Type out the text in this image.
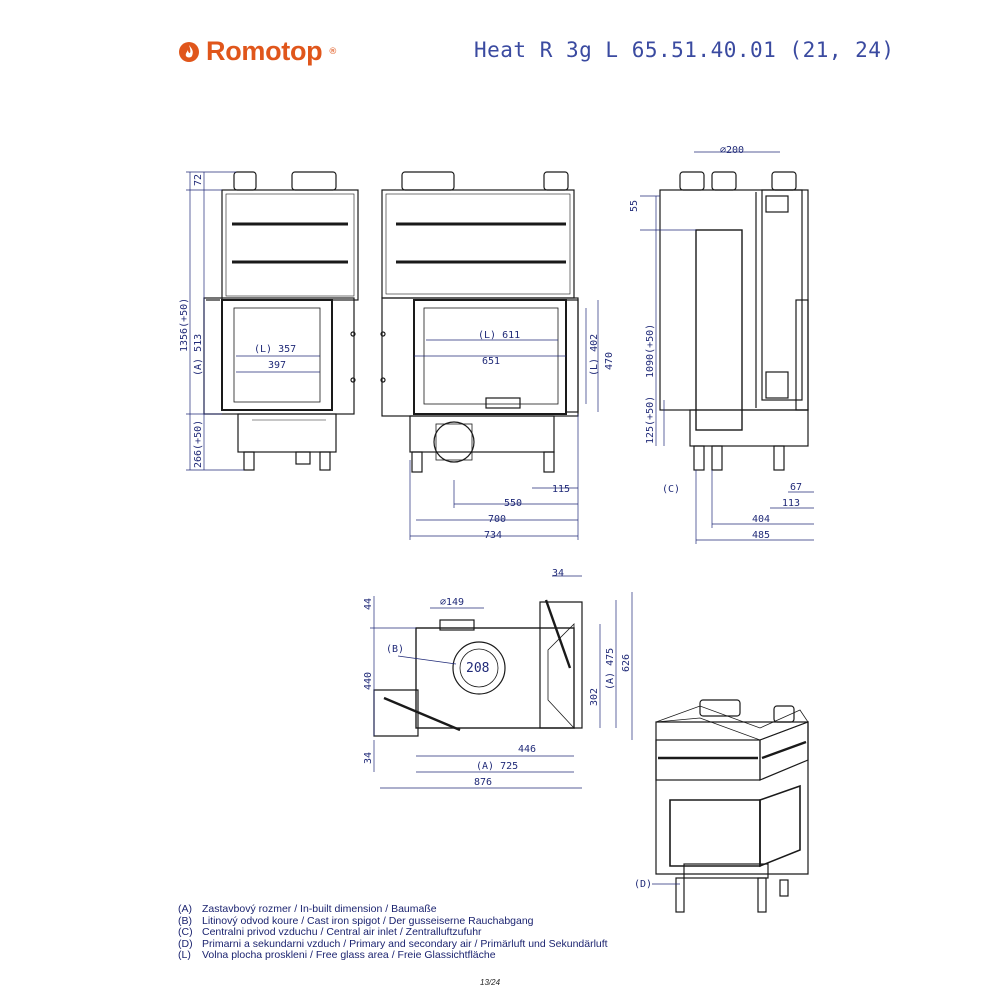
Romotop ®	Heat R 3g L 65.51.40.01 (21, 24)
72
1356(+50)
(A) 513	(L) 357
397
266(+50)
(L) 611
651	(L) 402 470
115
550
700
734
⌀200
55
1090(+50)
125(+50)
(C)	67
113
404
485
44	⌀149
(B)
208
440
34
34
626
(A) 475
302
446
(A) 725
876
(D)
(A) Zastavbový rozmer / In-built dimension / Baumaße
(B) Litinový odvod koure / Cast iron spigot / Der gusseiserne Rauchabgang
(C) Centralni privod vzduchu / Central air inlet / Zentralluftzufuhr
(D) Primarni a sekundarni vzduch / Primary and secondary air / Primärluft und Sekundärluft
(L)	Volna plocha proskleni / Free glass area / Freie Glassichtfläche
13/24
